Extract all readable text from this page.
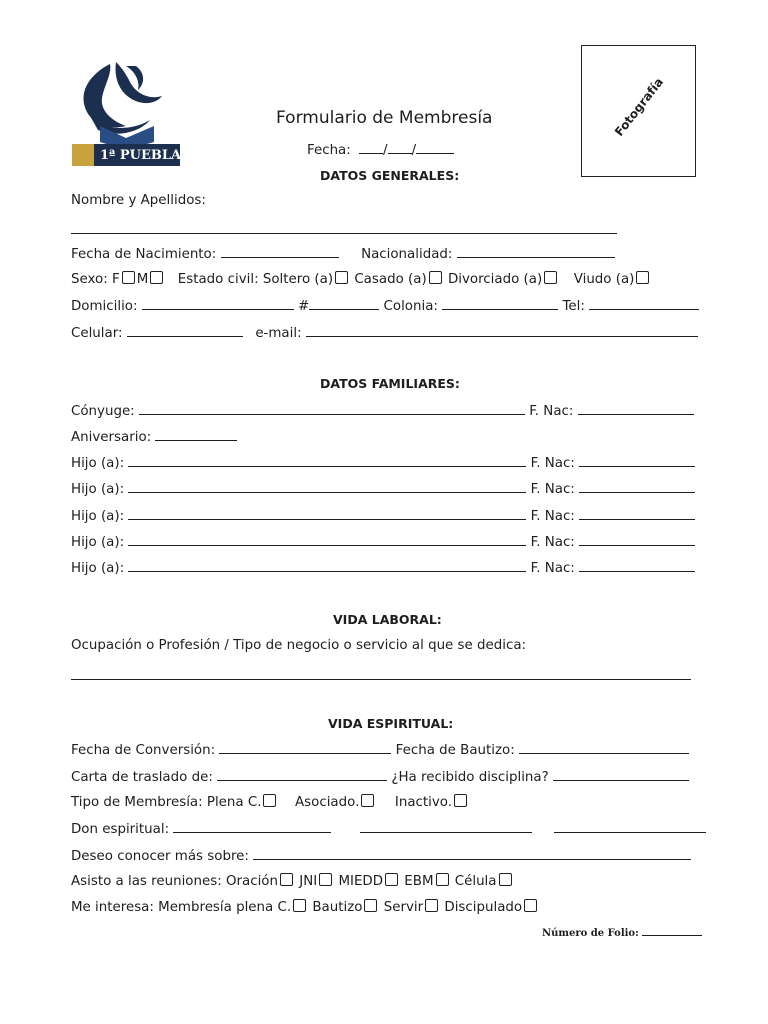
1ª PUEBLA
Formulario de Membresía
Fecha: / /
Fotografía
DATOS GENERALES:
Nombre y Apellidos:
Fecha de Nacimiento:	Nacionalidad:
Sexo: F M Estado civil: Soltero (a) Casado (a) Divorciado (a) Viudo (a)
Domicilio:	#	Colonia:	Tel:
Celular:	e-mail:
DATOS FAMILIARES:
Cónyuge:	F. Nac:
Aniversario:
Hijo (a):	F. Nac:
Hijo (a):	F. Nac:
Hijo (a):	F. Nac:
Hijo (a):	F. Nac:
Hijo (a):	F. Nac:
VIDA LABORAL:
Ocupación o Profesión / Tipo de negocio o servicio al que se dedica:
VIDA ESPIRITUAL:
Fecha de Conversión:	Fecha de Bautizo:
Carta de traslado de:	¿Ha recibido disciplina?
Tipo de Membresía: Plena C.	Asociado.	Inactivo.
Don espiritual:
Deseo conocer más sobre:
Asisto a las reuniones: Oración JNI MIEDD EBM Célula
Me interesa: Membresía plena C. Bautizo Servir Discipulado
Número de Folio:
